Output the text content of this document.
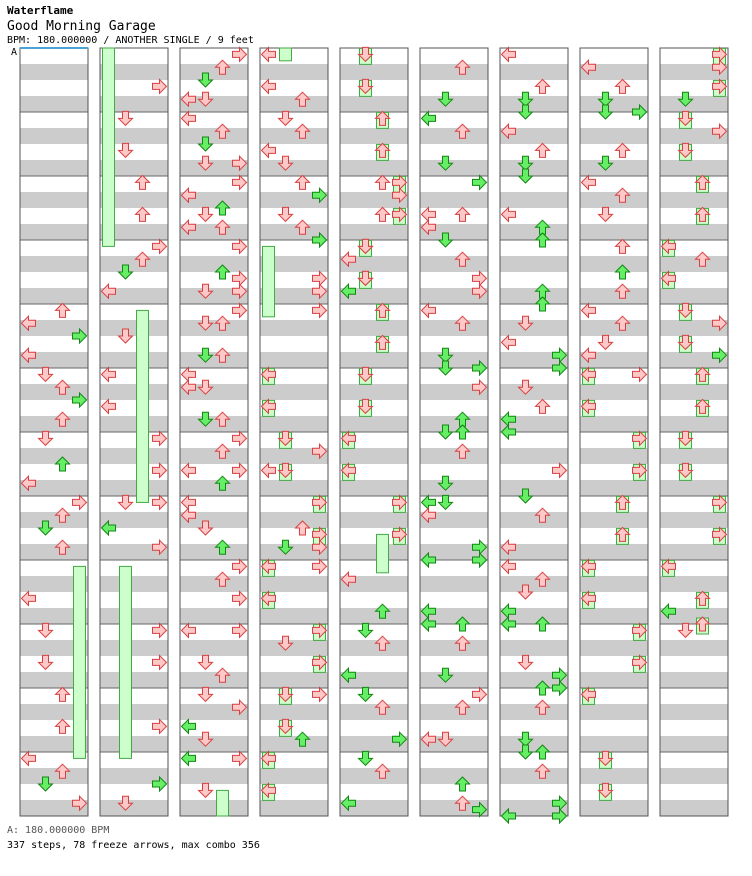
Waterflame
Good Morning Garage
BPM: 180.000000 / ANOTHER SINGLE / 9 feet
A
A: 180.000000 BPM
337 steps, 78 freeze arrows, max combo 356
